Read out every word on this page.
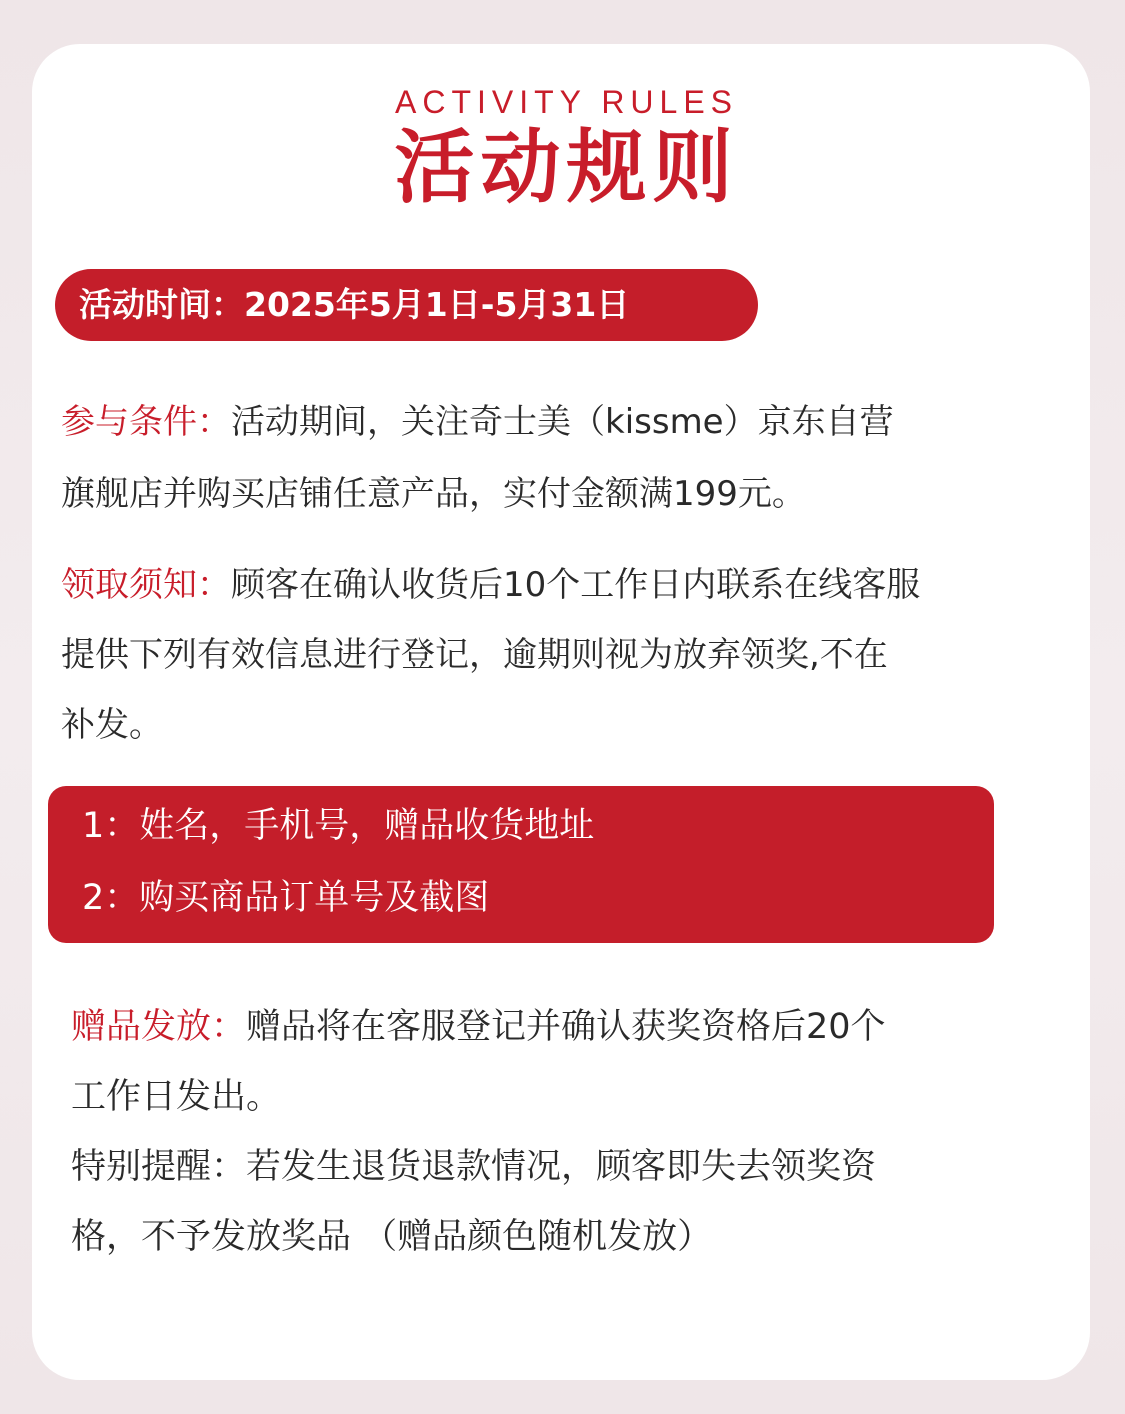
ACTIVITY RULES
活动规则
活动时间：2025年5月1日-5月31日
参与条件：活动期间，关注奇士美（kissme）京东自营
旗舰店并购买店铺任意产品，实付金额满199元。
领取须知：顾客在确认收货后10个工作日内联系在线客服
提供下列有效信息进行登记，逾期则视为放弃领奖,不在
补发。
1：姓名，手机号，赠品收货地址
2：购买商品订单号及截图
赠品发放：赠品将在客服登记并确认获奖资格后20个
工作日发出。
特别提醒：若发生退货退款情况，顾客即失去领奖资
格，不予发放奖品 （赠品颜色随机发放）
